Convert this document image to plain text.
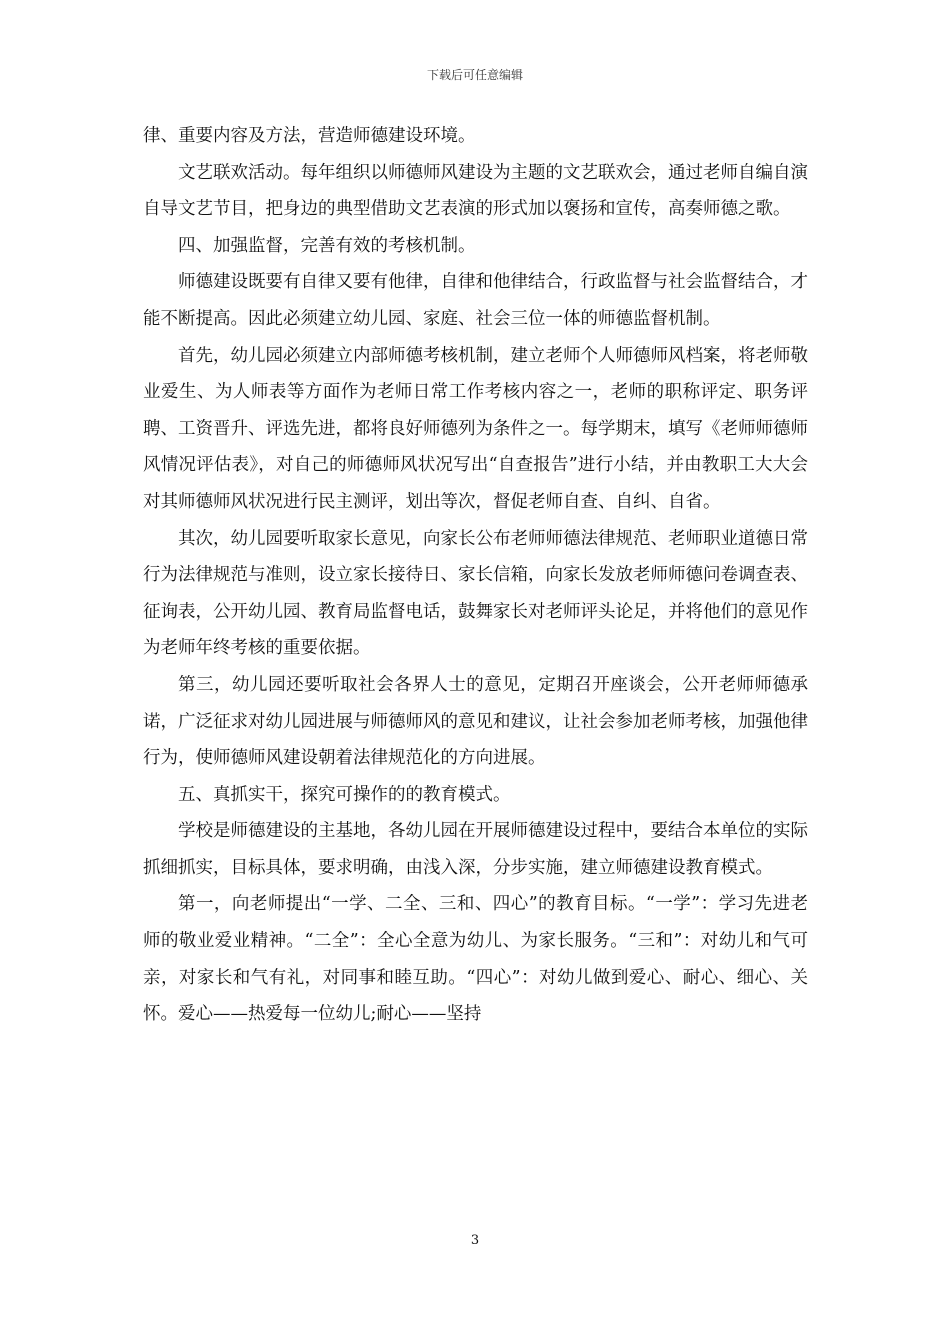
下载后可任意编辑

律、重要内容及方法，营造师德建设环境。

文艺联欢活动。每年组织以师德师风建设为主题的文艺联欢会，通过老师自编自演自导文艺节目，把身边的典型借助文艺表演的形式加以褒扬和宣传，高奏师德之歌。

四、加强监督，完善有效的考核机制。

师德建设既要有自律又要有他律，自律和他律结合，行政监督与社会监督结合，才能不断提高。因此必须建立幼儿园、家庭、社会三位一体的师德监督机制。

首先，幼儿园必须建立内部师德考核机制，建立老师个人师德师风档案，将老师敬业爱生、为人师表等方面作为老师日常工作考核内容之一，老师的职称评定、职务评聘、工资晋升、评选先进，都将良好师德列为条件之一。每学期末，填写《老师师德师风情况评估表》，对自己的师德师风状况写出“自查报告”进行小结，并由教职工大大会对其师德师风状况进行民主测评，划出等次，督促老师自查、自纠、自省。

其次，幼儿园要听取家长意见，向家长公布老师师德法律规范、老师职业道德日常行为法律规范与准则，设立家长接待日、家长信箱，向家长发放老师师德问卷调查表、征询表，公开幼儿园、教育局监督电话，鼓舞家长对老师评头论足，并将他们的意见作为老师年终考核的重要依据。

第三，幼儿园还要听取社会各界人士的意见，定期召开座谈会，公开老师师德承诺，广泛征求对幼儿园进展与师德师风的意见和建议，让社会参加老师考核，加强他律行为，使师德师风建设朝着法律规范化的方向进展。

五、真抓实干，探究可操作的的教育模式。

学校是师德建设的主基地，各幼儿园在开展师德建设过程中，要结合本单位的实际抓细抓实，目标具体，要求明确，由浅入深，分步实施，建立师德建设教育模式。

第一，向老师提出“一学、二全、三和、四心”的教育目标。“一学”：学习先进老师的敬业爱业精神。“二全”：全心全意为幼儿、为家长服务。“三和”：对幼儿和气可亲，对家长和气有礼，对同事和睦互助。“四心”：对幼儿做到爱心、耐心、细心、关怀。爱心——热爱每一位幼儿;耐心——坚持

3
